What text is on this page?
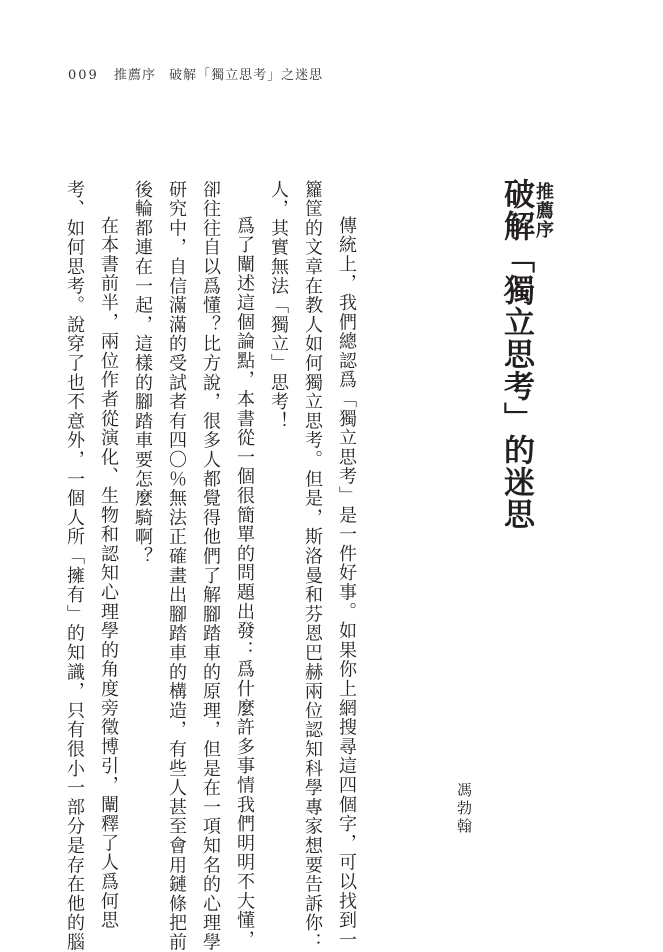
009 推薦序 破解「獨立思考」之迷思
推薦序
破解「獨立思考」的迷思
傳統上，我們總認爲「獨立思考」是一件好事。如果你上網搜尋這四個字，可以找到一
籮筐的文章在教人如何獨立思考。但是，斯洛曼和芬恩巴赫兩位認知科學專家想要告訴你：
人，其實無法「獨立」思考！
爲了闡述這個論點，本書從一個很簡單的問題出發：爲什麼許多事情我們明明不大懂，
卻往往自以爲懂？比方說，很多人都覺得他們了解腳踏車的原理，但是在一項知名的心理學
研究中，自信滿滿的受試者有四〇％無法正確畫出腳踏車的構造，有些人甚至會用鏈條把前
後輪都連在一起，這樣的腳踏車要怎麼騎啊？
在本書前半，兩位作者從演化、生物和認知心理學的角度旁徵博引，闡釋了人爲何思
考、如何思考。說穿了也不意外，一個人所「擁有」的知識，只有很小一部分是存在他的腦	馮勃翰
